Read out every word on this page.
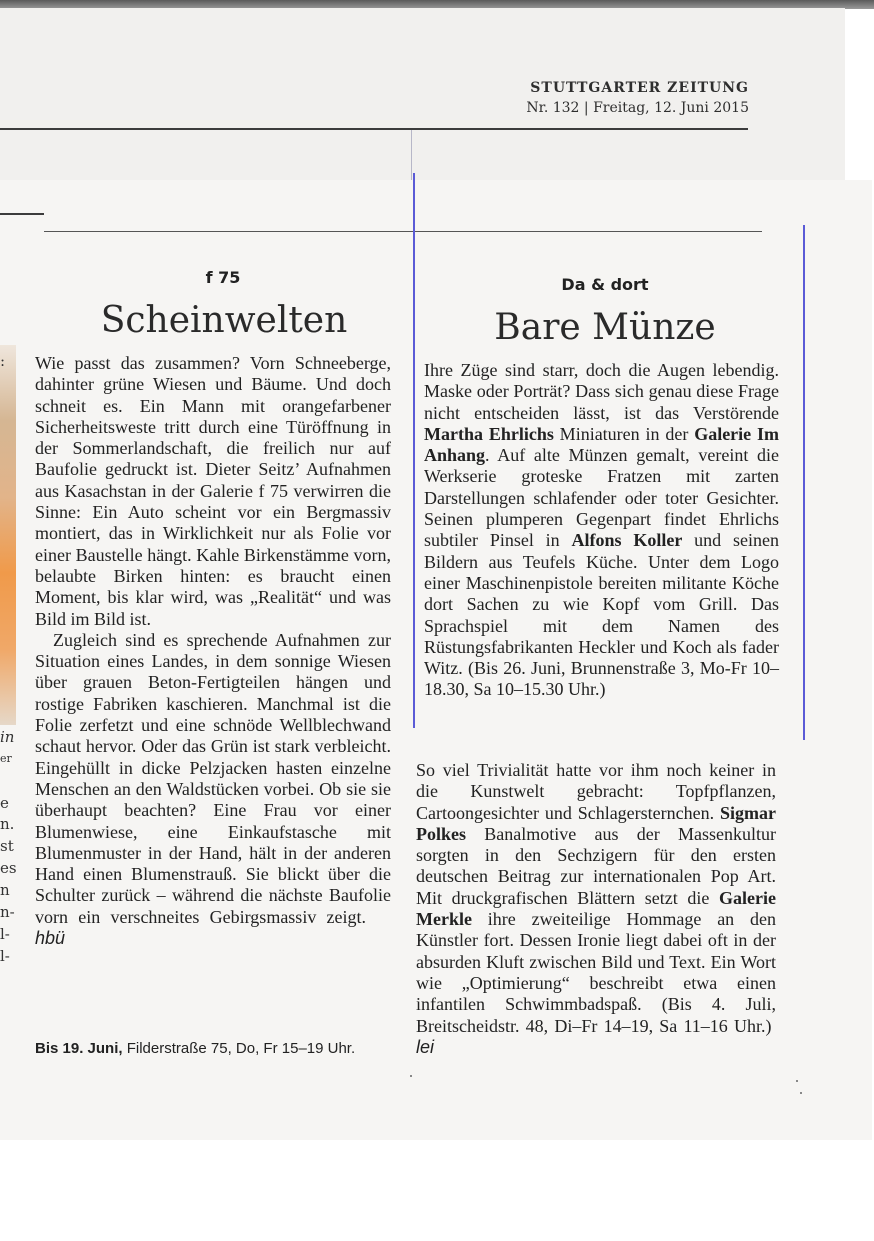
STUTTGARTER ZEITUNG
Nr. 132 | Freitag, 12. Juni 2015
:
in
er
e
n.
st
es
n
n-
l-
l-
f 75
Scheinwelten

Wie passt das zusammen? Vorn Schneeberge, dahinter grüne Wiesen und Bäume. Und doch schneit es. Ein Mann mit orangefarbener Sicherheitsweste tritt durch eine Türöffnung in der Sommerlandschaft, die freilich nur auf Baufolie gedruckt ist. Dieter Seitz’ Aufnahmen aus Kasachstan in der Galerie f 75 verwirren die Sinne: Ein Auto scheint vor ein Bergmassiv montiert, das in Wirklichkeit nur als Folie vor einer Baustelle hängt. Kahle Birkenstämme vorn, belaubte Birken hinten: es braucht einen Moment, bis klar wird, was „Realität“ und was Bild im Bild ist.

Zugleich sind es sprechende Aufnahmen zur Situation eines Landes, in dem sonnige Wiesen über grauen Beton-Fertigteilen hängen und rostige Fabriken kaschieren. Manchmal ist die Folie zerfetzt und eine schnöde Wellblechwand schaut hervor. Oder das Grün ist stark verbleicht. Eingehüllt in dicke Pelzjacken hasten einzelne Menschen an den Waldstücken vorbei. Ob sie sie überhaupt beachten? Eine Frau vor einer Blumenwiese, eine Einkaufstasche mit Blumenmuster in der Hand, hält in der anderen Hand einen Blumenstrauß. Sie blickt über die Schulter zurück – während die nächste Baufolie vorn ein verschneites Gebirgsmassiv zeigt.    hbü

Bis 19. Juni, Filderstraße 75, Do, Fr 15–19 Uhr.
Da & dort
Bare Münze

Ihre Züge sind starr, doch die Augen lebendig. Maske oder Porträt? Dass sich genau diese Frage nicht entscheiden lässt, ist das Verstörende Martha Ehrlichs Miniaturen in der Galerie Im Anhang. Auf alte Münzen gemalt, vereint die Werkserie groteske Fratzen mit zarten Darstellungen schlafender oder toter Gesichter. Seinen plumperen Gegenpart findet Ehrlichs subtiler Pinsel in Alfons Koller und seinen Bildern aus Teufels Küche. Unter dem Logo einer Maschinenpistole bereiten militante Köche dort Sachen zu wie Kopf vom Grill. Das Sprachspiel mit dem Namen des Rüstungsfabrikanten Heckler und Koch als fader Witz. (Bis 26. Juni, Brunnenstraße 3, Mo-Fr 10–18.30, Sa 10–15.30 Uhr.)

So viel Trivialität hatte vor ihm noch keiner in die Kunstwelt gebracht: Topfpflanzen, Cartoongesichter und Schlagersternchen. Sigmar Polkes Banalmotive aus der Massenkultur sorgten in den Sechzigern für den ersten deutschen Beitrag zur internationalen Pop Art. Mit druckgrafischen Blättern setzt die Galerie Merkle ihre zweiteilige Hommage an den Künstler fort. Dessen Ironie liegt dabei oft in der absurden Kluft zwischen Bild und Text. Ein Wort wie „Optimierung“ beschreibt etwa einen infantilen Schwimmbadspaß. (Bis 4. Juli, Breitscheidstr. 48, Di–Fr 14–19, Sa 11–16 Uhr.)  lei
